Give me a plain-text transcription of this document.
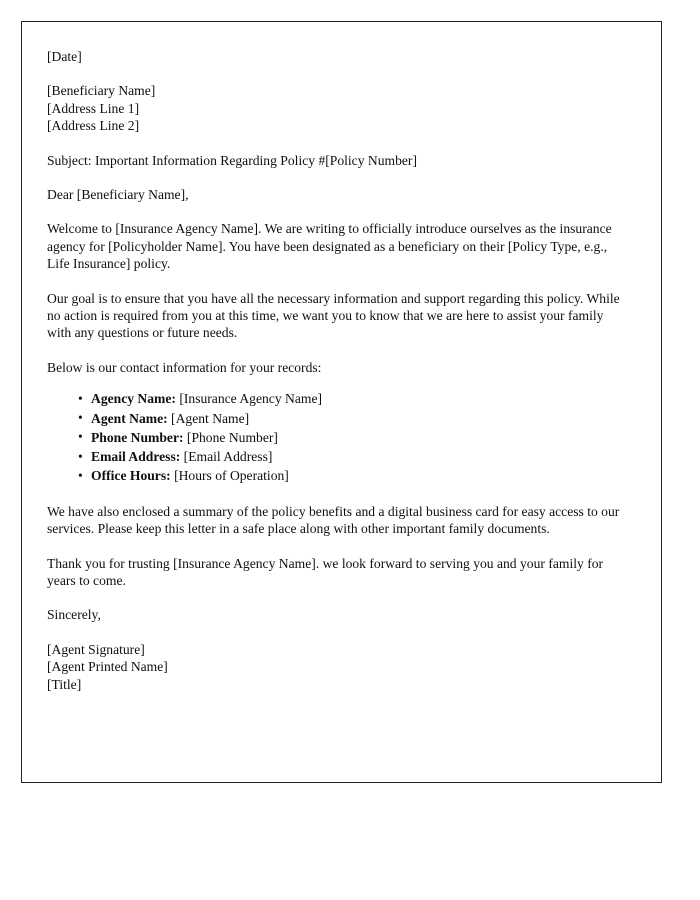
[Date]
[Beneficiary Name]
[Address Line 1]
[Address Line 2]
Subject: Important Information Regarding Policy #[Policy Number]
Dear [Beneficiary Name],
Welcome to [Insurance Agency Name]. We are writing to officially introduce ourselves as the insurance agency for [Policyholder Name]. You have been designated as a beneficiary on their [Policy Type, e.g., Life Insurance] policy.
Our goal is to ensure that you have all the necessary information and support regarding this policy. While no action is required from you at this time, we want you to know that we are here to assist your family with any questions or future needs.
Below is our contact information for your records:
• Agency Name: [Insurance Agency Name]
• Agent Name: [Agent Name]
• Phone Number: [Phone Number]
• Email Address: [Email Address]
• Office Hours: [Hours of Operation]
We have also enclosed a summary of the policy benefits and a digital business card for easy access to our services. Please keep this letter in a safe place along with other important family documents.
Thank you for trusting [Insurance Agency Name]. we look forward to serving you and your family for years to come.
Sincerely,
[Agent Signature]
[Agent Printed Name]
[Title]
